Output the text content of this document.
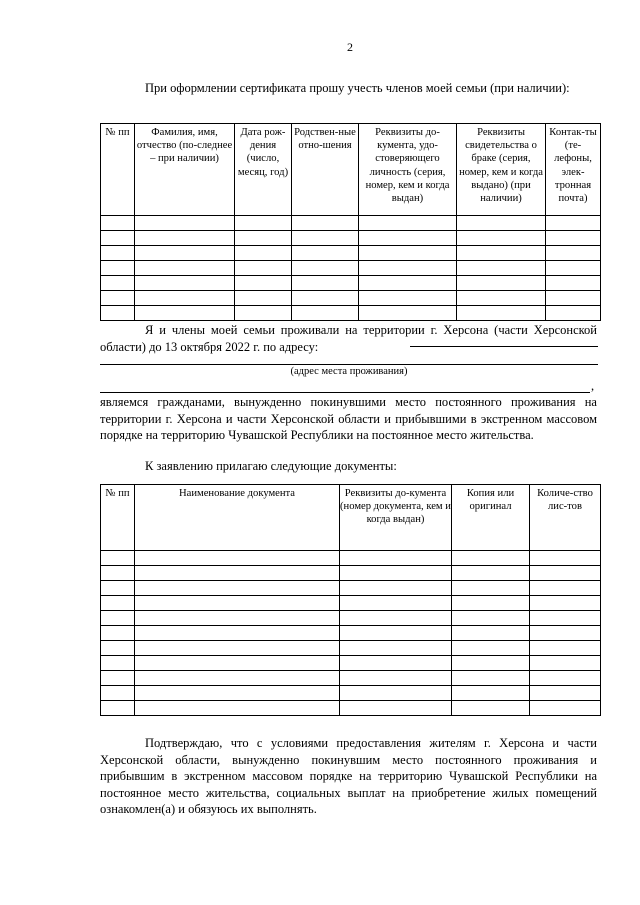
2

При оформлении сертификата прошу учесть членов моей семьи (при наличии):

№ пп	Фамилия, имя, отчество (по-следнее – при наличии)	Дата рож-дения (число, месяц, год)	Родствен-ные отно-шения	Реквизиты до-кумента, удо-стоверяющего личность (серия, номер, кем и когда выдан)	Реквизиты свидетельства о браке (серия, номер, кем и когда выдано) (при наличии)	Контак-ты (те-лефоны, элек-тронная почта)

Я и члены моей семьи проживали на территории г. Херсона (части Херсонской области) до 13 октября 2022 г. по адресу:

(адрес места проживания)
,

являемся гражданами, вынужденно покинувшими место постоянного проживания на территории г. Херсона и части Херсонской области и прибывшими в экстренном массовом порядке на территорию Чувашской Республики на постоянное место жительства.

К заявлению прилагаю следующие документы:

№ пп	Наименование документа	Реквизиты до-кумента (номер документа, кем и когда выдан)	Копия или оригинал	Количе-ство лис-тов

Подтверждаю, что с условиями предоставления жителям г. Херсона и части Херсонской области, вынужденно покинувшим место постоянного проживания и прибывшим в экстренном массовом порядке на территорию Чувашской Республики на постоянное место жительства, социальных выплат на приобретение жилых помещений ознакомлен(а) и обязуюсь их выполнять.
